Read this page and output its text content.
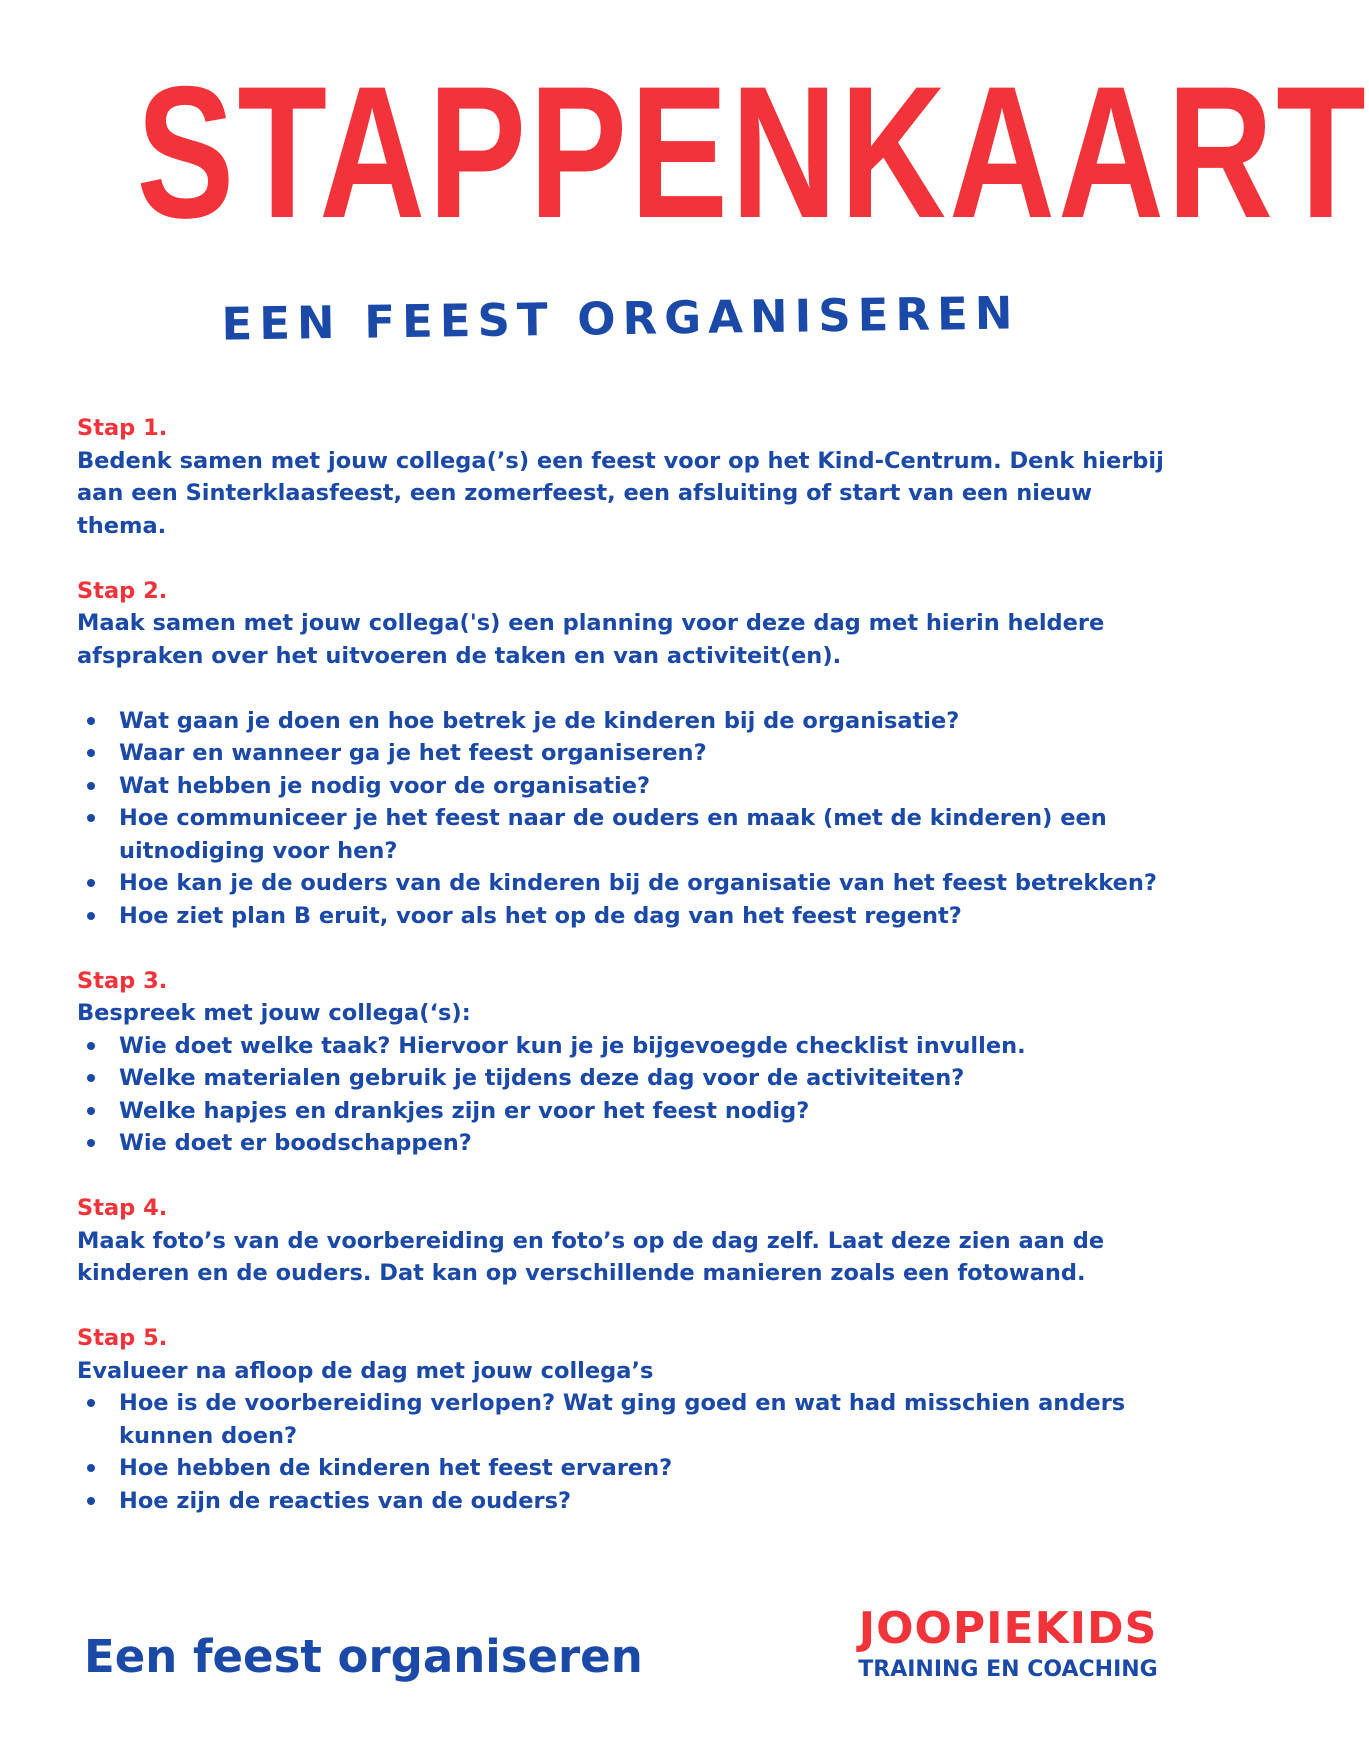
STAPPENKAART
EEN FEEST ORGANISEREN
Stap 1.
Bedenk samen met jouw collega(’s) een feest voor op het Kind-Centrum. Denk hierbij aan een Sinterklaasfeest, een zomerfeest, een afsluiting of start van een nieuw thema.
Stap 2.
Maak samen met jouw collega('s) een planning voor deze dag met hierin heldere afspraken over het uitvoeren de taken en van activiteit(en).
Wat gaan je doen en hoe betrek je de kinderen bij de organisatie?
Waar en wanneer ga je het feest organiseren?
Wat hebben je nodig voor de organisatie?
Hoe communiceer je het feest naar de ouders en maak (met de kinderen) een uitnodiging voor hen?
Hoe kan je de ouders van de kinderen bij de organisatie van het feest betrekken?
Hoe ziet plan B eruit, voor als het op de dag van het feest regent?
Stap 3.
Bespreek met jouw collega(‘s):
Wie doet welke taak? Hiervoor kun je je bijgevoegde checklist invullen.
Welke materialen gebruik je tijdens deze dag voor de activiteiten?
Welke hapjes en drankjes zijn er voor het feest nodig?
Wie doet er boodschappen?
Stap 4.
Maak foto’s van de voorbereiding en foto’s op de dag zelf. Laat deze zien aan de kinderen en de ouders. Dat kan op verschillende manieren zoals een fotowand.
Stap 5.
Evalueer na afloop de dag met jouw collega’s
Hoe is de voorbereiding verlopen? Wat ging goed en wat had misschien anders kunnen doen?
Hoe hebben de kinderen het feest ervaren?
Hoe zijn de reacties van de ouders?

Een feest organiseren

JOOPIEKIDS
TRAINING EN COACHING
